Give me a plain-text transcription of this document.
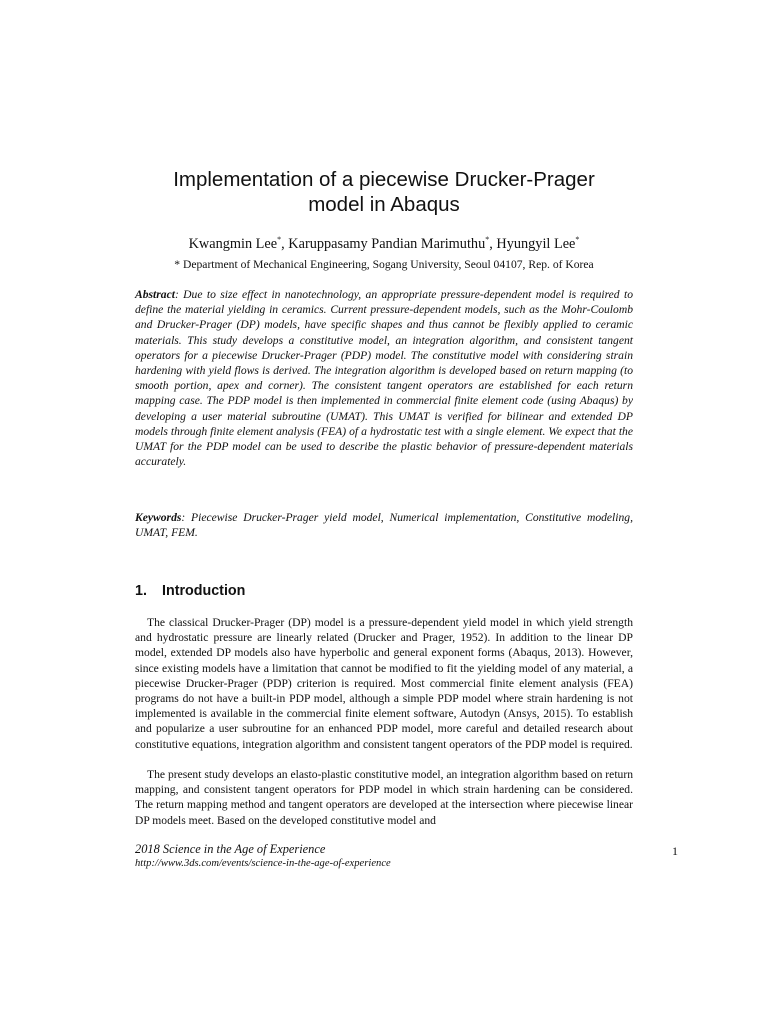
Implementation of a piecewise Drucker-Prager
model in Abaqus

Kwangmin Lee*, Karuppasamy Pandian Marimuthu*, Hyungyil Lee*

* Department of Mechanical Engineering, Sogang University, Seoul 04107, Rep. of Korea

Abstract: Due to size effect in nanotechnology, an appropriate pressure-dependent model is required to define the material yielding in ceramics. Current pressure-dependent models, such as the Mohr-Coulomb and Drucker-Prager (DP) models, have specific shapes and thus cannot be flexibly applied to ceramic materials. This study develops a constitutive model, an integration algorithm, and consistent tangent operators for a piecewise Drucker-Prager (PDP) model. The constitutive model with considering strain hardening with yield flows is derived. The integration algorithm is developed based on return mapping (to smooth portion, apex and corner). The consistent tangent operators are established for each return mapping case. The PDP model is then implemented in commercial finite element code (using Abaqus) by developing a user material subroutine (UMAT). This UMAT is verified for bilinear and extended DP models through finite element analysis (FEA) of a hydrostatic test with a single element. We expect that the UMAT for the PDP model can be used to describe the plastic behavior of pressure-dependent materials accurately.

Keywords: Piecewise Drucker-Prager yield model, Numerical implementation, Constitutive modeling, UMAT, FEM.

1. Introduction

The classical Drucker-Prager (DP) model is a pressure-dependent yield model in which yield strength and hydrostatic pressure are linearly related (Drucker and Prager, 1952). In addition to the linear DP model, extended DP models also have hyperbolic and general exponent forms (Abaqus, 2013). However, since existing models have a limitation that cannot be modified to fit the yielding model of any material, a piecewise Drucker-Prager (PDP) criterion is required. Most commercial finite element analysis (FEA) programs do not have a built-in PDP model, although a simple PDP model where strain hardening is not implemented is available in the commercial finite element software, Autodyn (Ansys, 2015). To establish and popularize a user subroutine for an enhanced PDP model, more careful and detailed research about constitutive equations, integration algorithm and consistent tangent operators of the PDP model is required.

The present study develops an elasto-plastic constitutive model, an integration algorithm based on return mapping, and consistent tangent operators for PDP model in which strain hardening can be considered. The return mapping method and tangent operators are developed at the intersection where piecewise linear DP models meet. Based on the developed constitutive model and

2018 Science in the Age of Experience
http://www.3ds.com/events/science-in-the-age-of-experience

1
